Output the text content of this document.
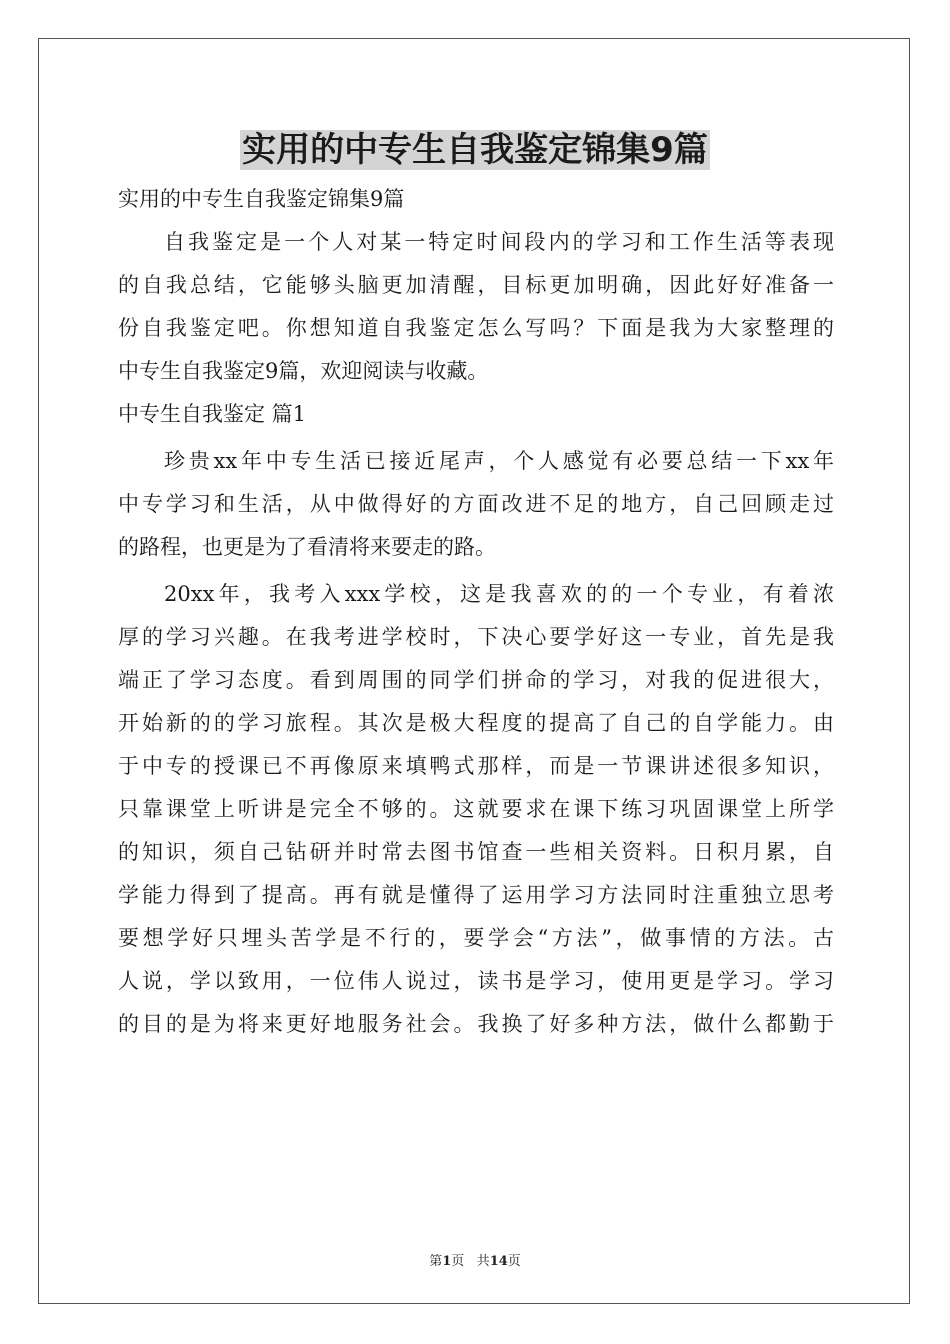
实用的中专生自我鉴定锦集9篇

实用的中专生自我鉴定锦集9篇

自我鉴定是一个人对某一特定时间段内的学习和工作生活等表现

的自我总结，它能够头脑更加清醒，目标更加明确，因此好好准备一

份自我鉴定吧。你想知道自我鉴定怎么写吗？下面是我为大家整理的

中专生自我鉴定9篇，欢迎阅读与收藏。

中专生自我鉴定 篇1

珍贵xx年中专生活已接近尾声，个人感觉有必要总结一下xx年

中专学习和生活，从中做得好的方面改进不足的地方，自己回顾走过

的路程，也更是为了看清将来要走的路。

20xx年，我考入xxx学校，这是我喜欢的的一个专业，有着浓

厚的学习兴趣。在我考进学校时，下决心要学好这一专业，首先是我

端正了学习态度。看到周围的同学们拼命的学习，对我的促进很大，

开始新的的学习旅程。其次是极大程度的提高了自己的自学能力。由

于中专的授课已不再像原来填鸭式那样，而是一节课讲述很多知识，

只靠课堂上听讲是完全不够的。这就要求在课下练习巩固课堂上所学

的知识，须自己钻研并时常去图书馆查一些相关资料。日积月累，自

学能力得到了提高。再有就是懂得了运用学习方法同时注重独立思考

要想学好只埋头苦学是不行的，要学会“方法”，做事情的方法。古

人说，学以致用，一位伟人说过，读书是学习，使用更是学习。学习

的目的是为将来更好地服务社会。我换了好多种方法，做什么都勤于

第1页 共14页
